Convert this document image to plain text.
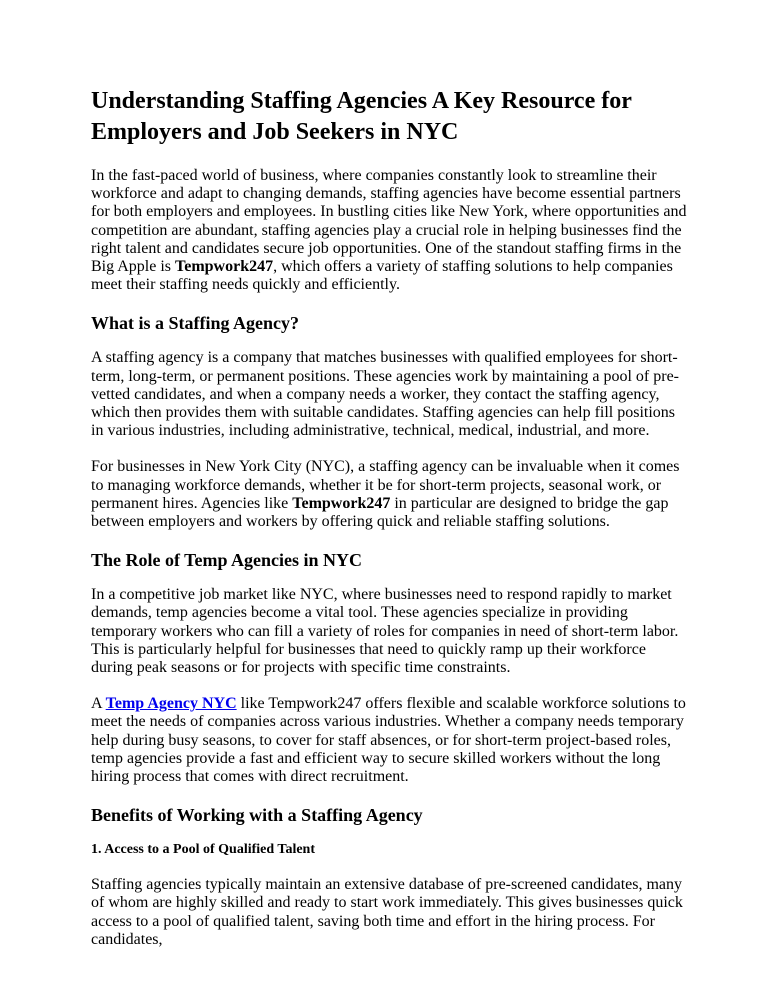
Understanding Staffing Agencies A Key Resource for Employers and Job Seekers in NYC

In the fast-paced world of business, where companies constantly look to streamline their workforce and adapt to changing demands, staffing agencies have become essential partners for both employers and employees. In bustling cities like New York, where opportunities and competition are abundant, staffing agencies play a crucial role in helping businesses find the right talent and candidates secure job opportunities. One of the standout staffing firms in the Big Apple is Tempwork247, which offers a variety of staffing solutions to help companies meet their staffing needs quickly and efficiently.

What is a Staffing Agency?

A staffing agency is a company that matches businesses with qualified employees for short-term, long-term, or permanent positions. These agencies work by maintaining a pool of pre-vetted candidates, and when a company needs a worker, they contact the staffing agency, which then provides them with suitable candidates. Staffing agencies can help fill positions in various industries, including administrative, technical, medical, industrial, and more.

For businesses in New York City (NYC), a staffing agency can be invaluable when it comes to managing workforce demands, whether it be for short-term projects, seasonal work, or permanent hires. Agencies like Tempwork247 in particular are designed to bridge the gap between employers and workers by offering quick and reliable staffing solutions.

The Role of Temp Agencies in NYC

In a competitive job market like NYC, where businesses need to respond rapidly to market demands, temp agencies become a vital tool. These agencies specialize in providing temporary workers who can fill a variety of roles for companies in need of short-term labor. This is particularly helpful for businesses that need to quickly ramp up their workforce during peak seasons or for projects with specific time constraints.

A Temp Agency NYC like Tempwork247 offers flexible and scalable workforce solutions to meet the needs of companies across various industries. Whether a company needs temporary help during busy seasons, to cover for staff absences, or for short-term project-based roles, temp agencies provide a fast and efficient way to secure skilled workers without the long hiring process that comes with direct recruitment.

Benefits of Working with a Staffing Agency
1. Access to a Pool of Qualified Talent

Staffing agencies typically maintain an extensive database of pre-screened candidates, many of whom are highly skilled and ready to start work immediately. This gives businesses quick access to a pool of qualified talent, saving both time and effort in the hiring process. For candidates,
